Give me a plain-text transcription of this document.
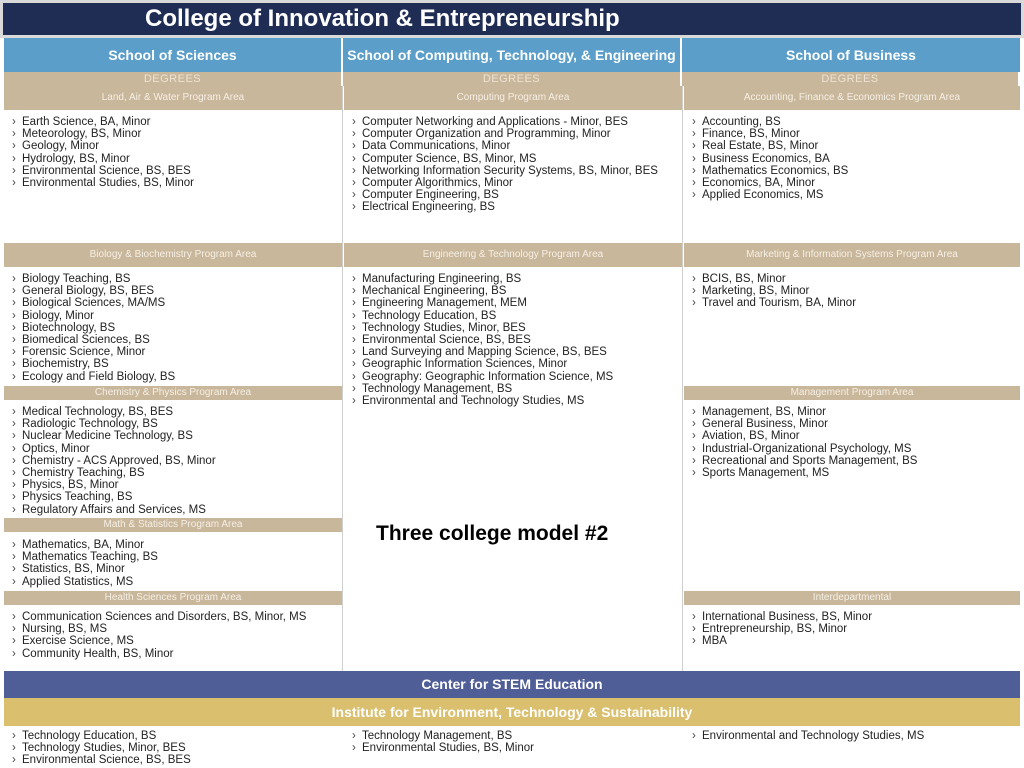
College of Innovation & Entrepreneurship
School of Sciences	School of Computing, Technology, & Engineering	School of Business
DEGREES	DEGREES	DEGREES
Land, Air & Water Program Area
› Earth Science, BA, Minor
› Meteorology, BS, Minor
› Geology, Minor
› Hydrology, BS, Minor
› Environmental Science, BS, BES
› Environmental Studies, BS, Minor
Biology & Biochemistry Program Area
› Biology Teaching, BS
› General Biology, BS, BES
› Biological Sciences, MA/MS
› Biology, Minor
› Biotechnology, BS
› Biomedical Sciences, BS
› Forensic Science, Minor
› Biochemistry, BS
› Ecology and Field Biology, BS
Chemistry & Physics Program Area
› Medical Technology, BS, BES
› Radiologic Technology, BS
› Nuclear Medicine Technology, BS
› Optics, Minor
› Chemistry - ACS Approved, BS, Minor
› Chemistry Teaching, BS
› Physics, BS, Minor
› Physics Teaching, BS
› Regulatory Affairs and Services, MS
Math & Statistics Program Area
› Mathematics, BA, Minor
› Mathematics Teaching, BS
› Statistics, BS, Minor
› Applied Statistics, MS
Health Sciences Program Area
› Communication Sciences and Disorders, BS, Minor, MS
› Nursing, BS, MS
› Exercise Science, MS
› Community Health, BS, Minor
Computing Program Area
› Computer Networking and Applications - Minor, BES
› Computer Organization and Programming, Minor
› Data Communications, Minor
› Computer Science, BS, Minor, MS
› Networking Information Security Systems, BS, Minor, BES
› Computer Algorithmics, Minor
› Computer Engineering, BS
› Electrical Engineering, BS
Engineering & Technology Program Area
› Manufacturing Engineering, BS
› Mechanical Engineering, BS
› Engineering Management, MEM
› Technology Education, BS
› Technology Studies, Minor, BES
› Environmental Science, BS, BES
› Land Surveying and Mapping Science, BS, BES
› Geographic Information Sciences, Minor
› Geography: Geographic Information Science, MS
› Technology Management, BS
› Environmental and Technology Studies, MS
Accounting, Finance & Economics Program Area
› Accounting, BS
› Finance, BS, Minor
› Real Estate, BS, Minor
› Business Economics, BA
› Mathematics Economics, BS
› Economics, BA, Minor
› Applied Economics, MS
Marketing & Information Systems Program Area
› BCIS, BS, Minor
› Marketing, BS, Minor
› Travel and Tourism, BA, Minor
Management Program Area
› Management, BS, Minor
› General Business, Minor
› Aviation, BS, Minor
› Industrial-Organizational Psychology, MS
› Recreational and Sports Management, BS
› Sports Management, MS
Interdepartmental
› International Business, BS, Minor
› Entrepreneurship, BS, Minor
› MBA
Center for STEM Education
Institute for Environment, Technology & Sustainability
› Technology Education, BS
› Technology Studies, Minor, BES
› Environmental Science, BS, BES
› Technology Management, BS
› Environmental Studies, BS, Minor
› Environmental and Technology Studies, MS
Three college model #2
